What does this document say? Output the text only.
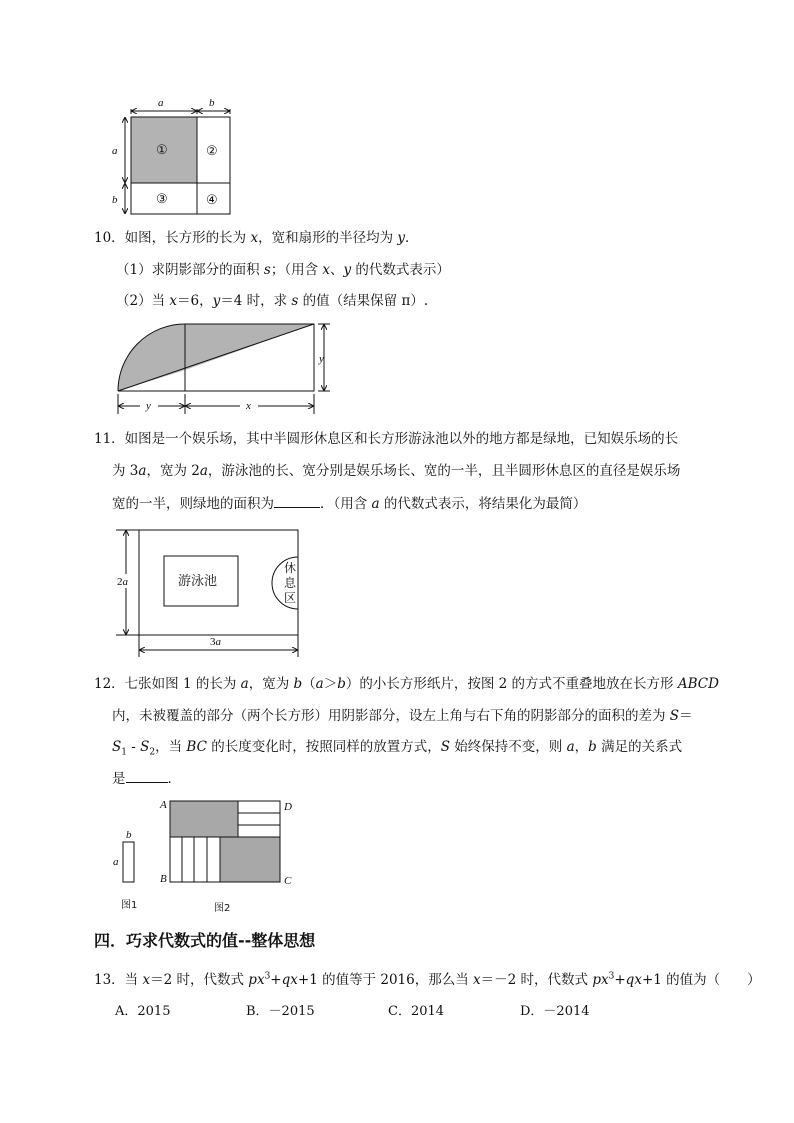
a	b
a
b
①	②
③	④
10．如图，长方形的长为 x，宽和扇形的半径均为 y．
（1）求阴影部分的面积 s；（用含 x、y 的代数式表示）
（2）当 x＝6，y＝4 时，求 s 的值（结果保留 π）.
y
y	x
11．如图是一个娱乐场，其中半圆形休息区和长方形游泳池以外的地方都是绿地，已知娱乐场的长
为 3a，宽为 2a，游泳池的长、宽分别是娱乐场长、宽的一半，且半圆形休息区的直径是娱乐场
宽的一半，则绿地的面积为	．（用含 a 的代数式表示，将结果化为最简）
游泳池
休
息
区
2a
3a
12．七张如图 1 的长为 a，宽为 b（a＞b）的小长方形纸片，按图 2 的方式不重叠地放在长方形 ABCD
内，未被覆盖的部分（两个长方形）用阴影部分，设左上角与右下角的阴影部分的面积的差为 S＝
$S_1 - S_2$，当 BC 的长度变化时，按照同样的放置方式，S 始终保持不变，则 a，b 满足的关系式
是	．
b
a
图1
A
B	C
D
图2
四．巧求代数式的值--整体思想
13．当 x＝2 时，代数式 $px^3+qx+1$ 的值等于 2016，那么当 x＝－2 时，代数式 $px^3+qx+1$ 的值为（　　）
A．2015	B．－2015	C．2014	D．－2014
